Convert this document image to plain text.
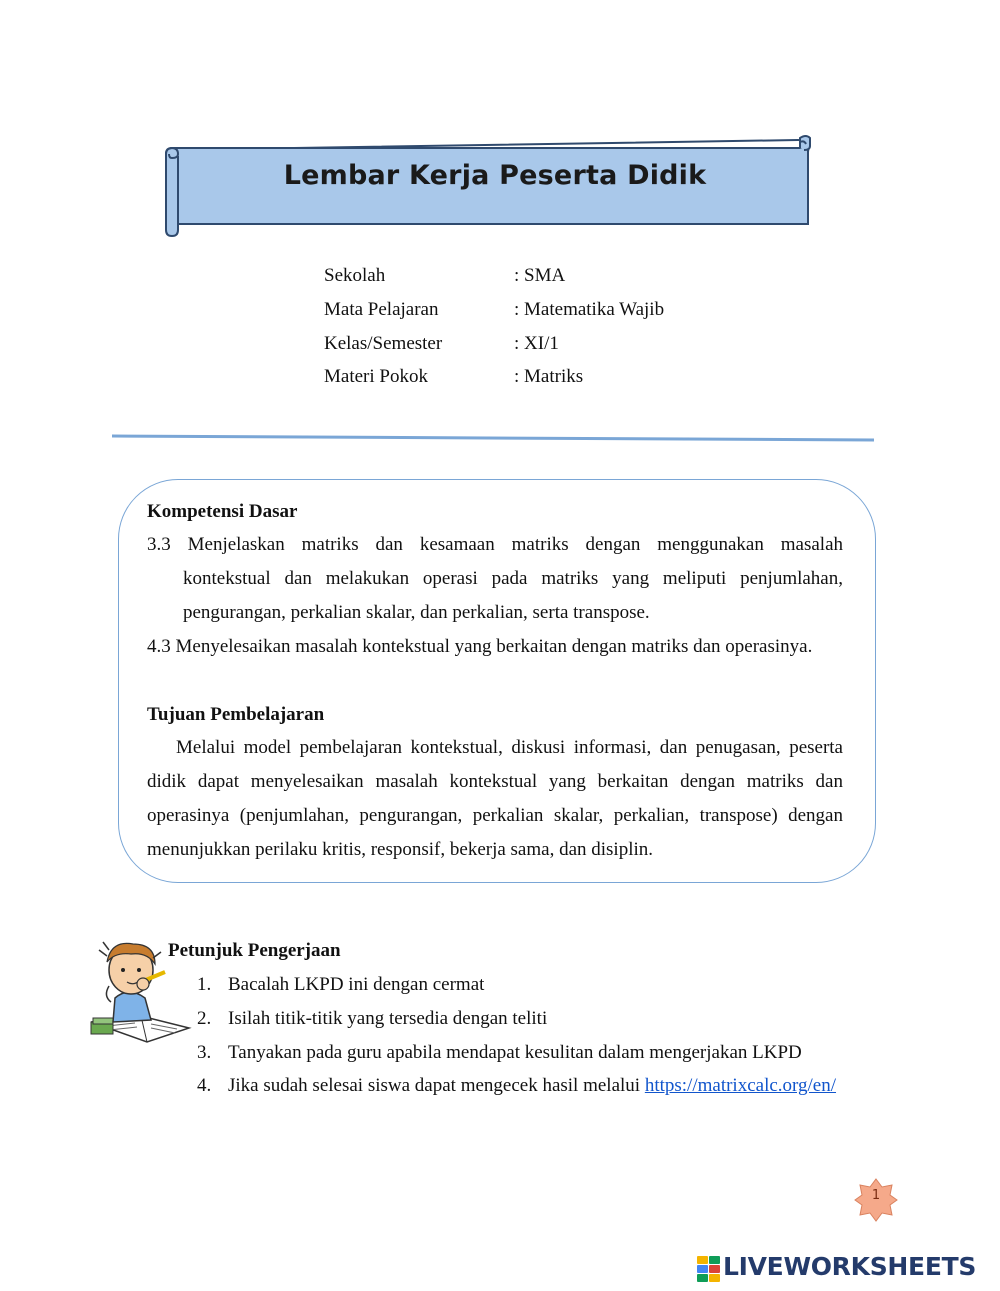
Lembar Kerja Peserta Didik
Sekolah	: SMA
Mata Pelajaran	: Matematika Wajib
Kelas/Semester	: XI/1
Materi Pokok	: Matriks
Kompetensi Dasar
3.3 Menjelaskan matriks dan kesamaan matriks dengan menggunakan masalah
kontekstual dan melakukan operasi pada matriks yang meliputi penjumlahan,
pengurangan, perkalian skalar, dan perkalian, serta transpose.
4.3 Menyelesaikan masalah kontekstual yang berkaitan dengan matriks dan operasinya.
Tujuan Pembelajaran
Melalui model pembelajaran kontekstual, diskusi informasi, dan penugasan, peserta
didik dapat menyelesaikan masalah kontekstual yang berkaitan dengan matriks dan
operasinya (penjumlahan, pengurangan, perkalian skalar, perkalian, transpose) dengan
menunjukkan perilaku kritis, responsif, bekerja sama, dan disiplin.
Petunjuk Pengerjaan
1. Bacalah LKPD ini dengan cermat
2. Isilah titik-titik yang tersedia dengan teliti
3. Tanyakan pada guru apabila mendapat kesulitan dalam mengerjakan LKPD
4. Jika sudah selesai siswa dapat mengecek hasil melalui https://matrixcalc.org/en/
1
LIVEWORKSHEETS
